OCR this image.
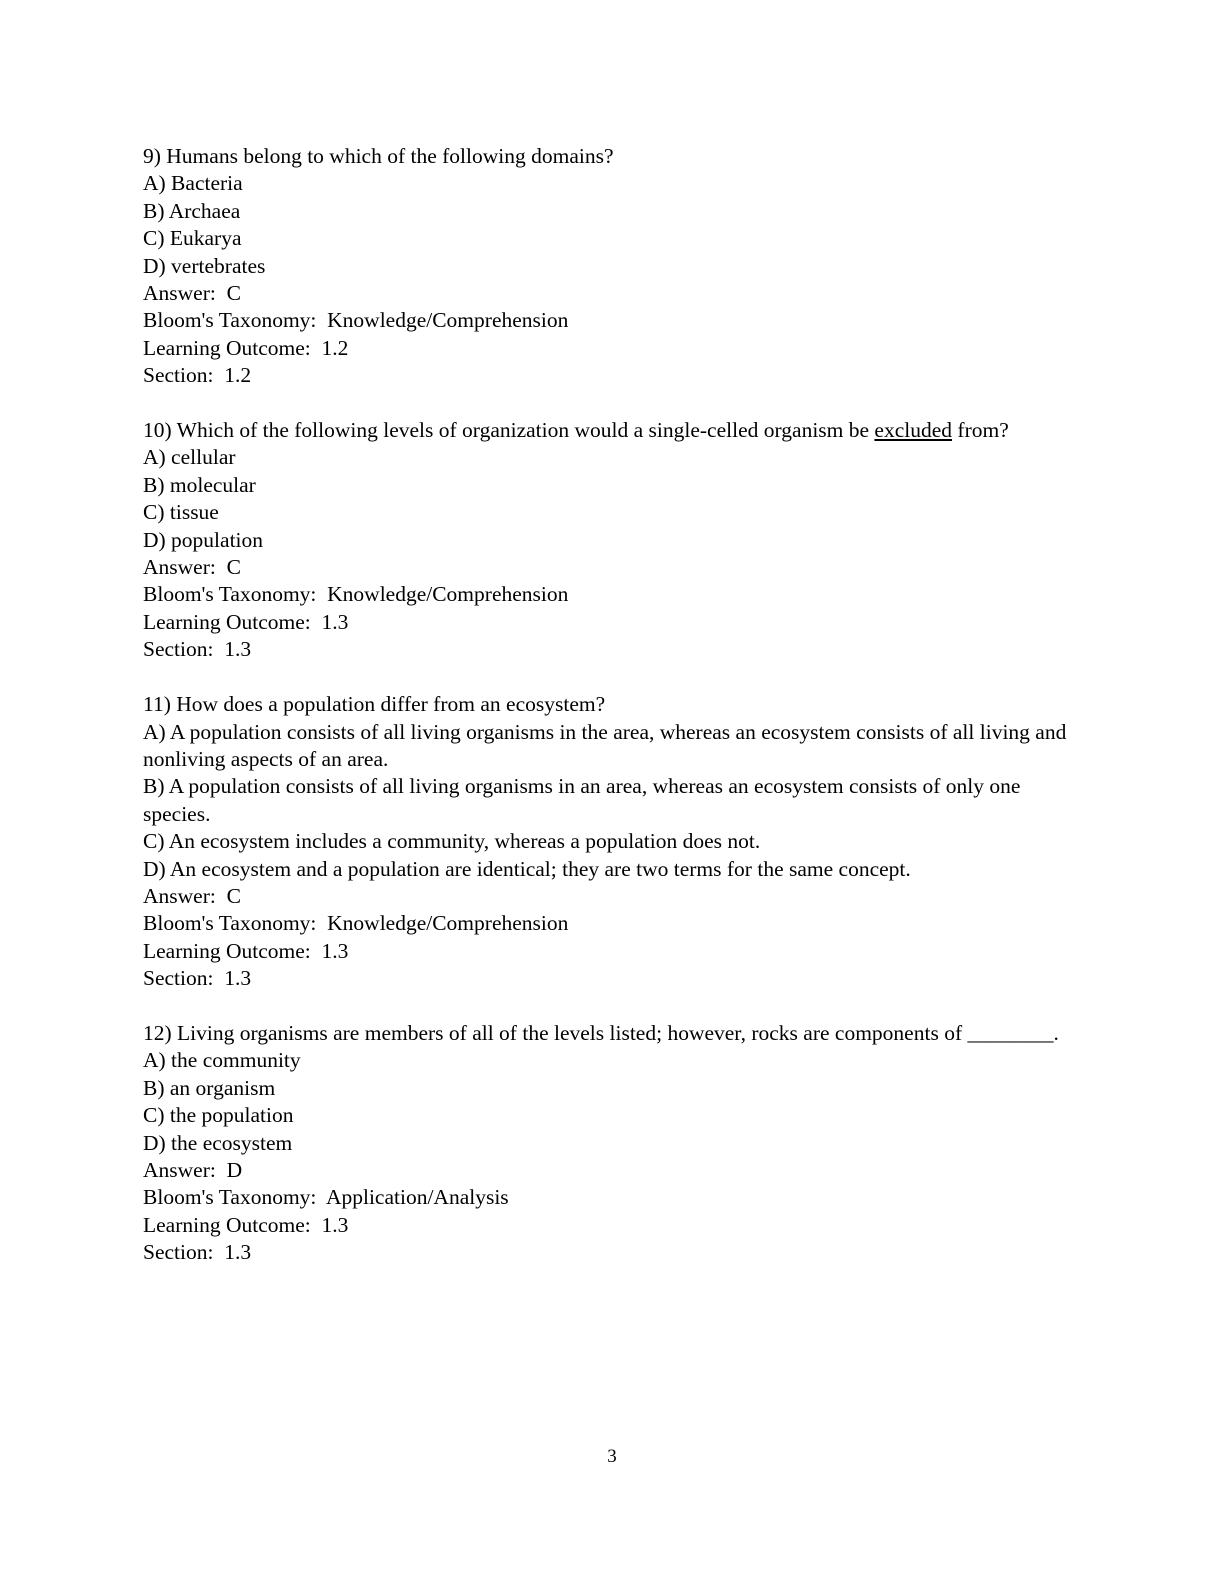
9) Humans belong to which of the following domains?
A) Bacteria
B) Archaea
C) Eukarya
D) vertebrates
Answer:  C
Bloom's Taxonomy:  Knowledge/Comprehension
Learning Outcome:  1.2
Section:  1.2
10) Which of the following levels of organization would a single-celled organism be excluded from?
A) cellular
B) molecular
C) tissue
D) population
Answer:  C
Bloom's Taxonomy:  Knowledge/Comprehension
Learning Outcome:  1.3
Section:  1.3
11) How does a population differ from an ecosystem?
A) A population consists of all living organisms in the area, whereas an ecosystem consists of all living and nonliving aspects of an area.
B) A population consists of all living organisms in an area, whereas an ecosystem consists of only one species.
C) An ecosystem includes a community, whereas a population does not.
D) An ecosystem and a population are identical; they are two terms for the same concept.
Answer:  C
Bloom's Taxonomy:  Knowledge/Comprehension
Learning Outcome:  1.3
Section:  1.3
12) Living organisms are members of all of the levels listed; however, rocks are components of ________.
A) the community
B) an organism
C) the population
D) the ecosystem
Answer:  D
Bloom's Taxonomy:  Application/Analysis
Learning Outcome:  1.3
Section:  1.3
3
